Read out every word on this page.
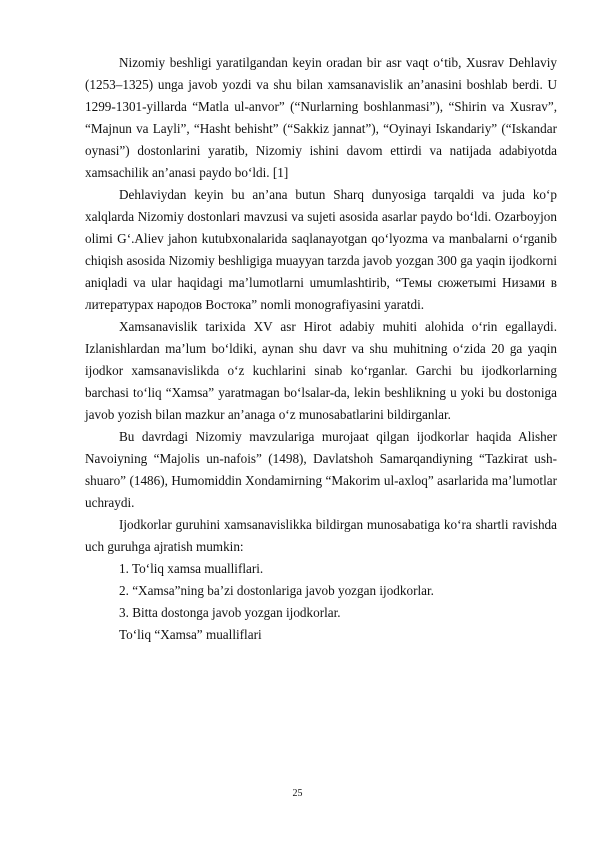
Nizomiy beshligi yaratilgandan keyin oradan bir asr vaqt o‘tib, Xusrav Dehlaviy (1253–1325) unga javob yozdi va shu bilan xamsanavislik an’anasini boshlab berdi. U 1299-1301-yillarda “Matla ul-anvor” (“Nurlarning boshlanmasi”), “Shirin va Xusrav”, “Majnun va Layli”, “Hasht behisht” (“Sakkiz jannat”), “Oyinayi Iskandariy” (“Iskandar oynasi”) dostonlarini yaratib, Nizomiy ishini davom ettirdi va natijada adabiyotda xamsachilik an’anasi paydo bo‘ldi. [1]

Dehlaviydan keyin bu an’ana butun Sharq dunyosiga tarqaldi va juda ko‘p xalqlarda Nizomiy dostonlari mavzusi va sujeti asosida asarlar paydo bo‘ldi. Ozarboyjon olimi G‘.Aliev jahon kutubxonalarida saqlanayotgan qo‘lyozma va manbalarni o‘rganib chiqish asosida Nizomiy beshligiga muayyan tarzda javob yozgan 300 ga yaqin ijodkorni aniqladi va ular haqidagi ma’lumotlarni umumlashtirib, “Темы сюжетыmi Низами в литературах народов Востока” nomli monografiyasini yaratdi.

Xamsanavislik tarixida XV asr Hirot adabiy muhiti alohida o‘rin egallaydi. Izlanishlardan ma’lum bo‘ldiki, aynan shu davr va shu muhitning o‘zida 20 ga yaqin ijodkor xamsanavislikda o‘z kuchlarini sinab ko‘rganlar. Garchi bu ijodkorlarning barchasi to‘liq “Xamsa” yaratmagan bo‘lsalar-da, lekin beshlikning u yoki bu dostoniga javob yozish bilan mazkur an’anaga o‘z munosabatlarini bildirganlar.

Bu davrdagi Nizomiy mavzulariga murojaat qilgan ijodkorlar haqida Alisher Navoiyning “Majolis un-nafois” (1498), Davlatshoh Samarqandiyning “Tazkirat ush-shuaro” (1486), Humomiddin Xondamirning “Makorim ul-axloq” asarlarida ma’lumotlar uchraydi.

Ijodkorlar guruhini xamsanavislikka bildirgan munosabatiga ko‘ra shartli ravishda uch guruhga ajratish mumkin:

1. To‘liq xamsa mualliflari.

2. “Xamsa”ning ba’zi dostonlariga javob yozgan ijodkorlar.

3. Bitta dostonga javob yozgan ijodkorlar.

To‘liq “Xamsa” mualliflari

25
